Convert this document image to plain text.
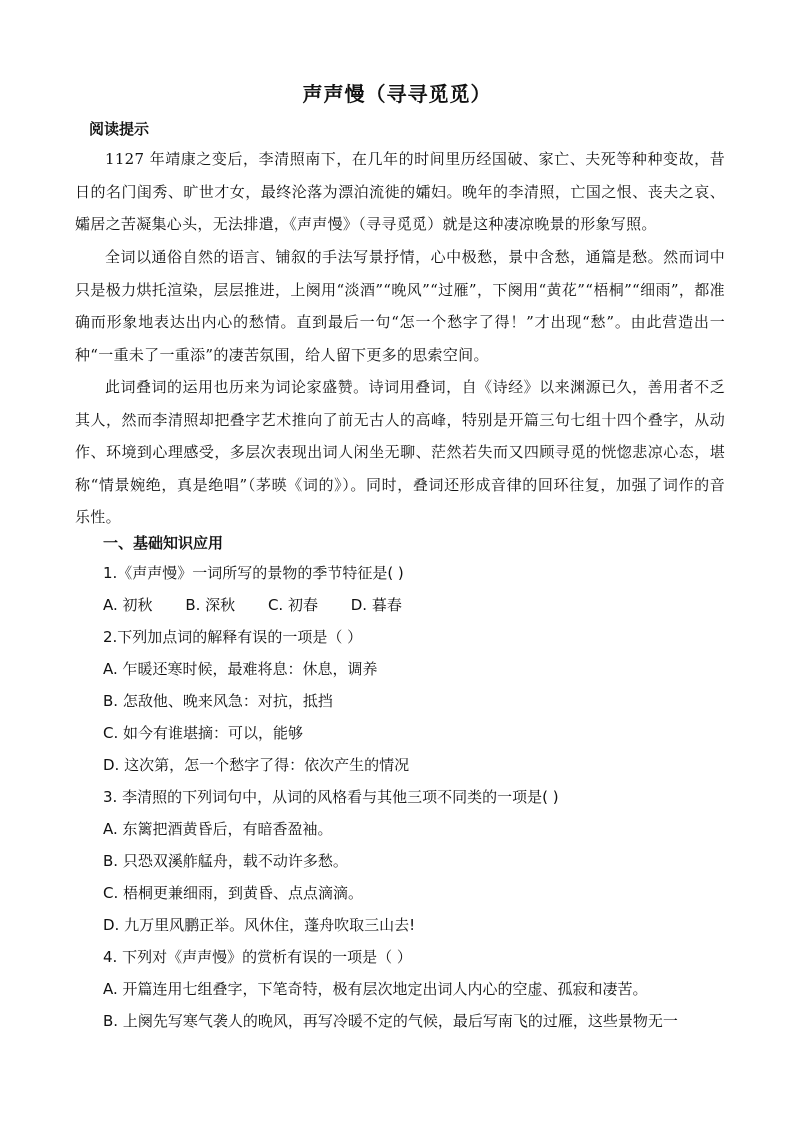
声声慢（寻寻觅觅）
阅读提示
1127 年靖康之变后，李清照南下，在几年的时间里历经国破、家亡、夫死等种种变故，昔日的名门闺秀、旷世才女，最终沦落为漂泊流徙的孀妇。晚年的李清照，亡国之恨、丧夫之哀、孀居之苦凝集心头，无法排遣，《声声慢》（寻寻觅觅）就是这种凄凉晚景的形象写照。
全词以通俗自然的语言、铺叙的手法写景抒情，心中极愁，景中含愁，通篇是愁。然而词中只是极力烘托渲染，层层推进，上阕用“淡酒”“晚风”“过雁”，下阕用“黄花”“梧桐”“细雨”，都准确而形象地表达出内心的愁情。直到最后一句“怎一个愁字了得！”才出现“愁”。由此营造出一种“一重未了一重添”的凄苦氛围，给人留下更多的思索空间。
此词叠词的运用也历来为词论家盛赞。诗词用叠词，自《诗经》以来渊源已久，善用者不乏其人，然而李清照却把叠字艺术推向了前无古人的高峰，特别是开篇三句七组十四个叠字，从动作、环境到心理感受，多层次表现出词人闲坐无聊、茫然若失而又四顾寻觅的恍惚悲凉心态，堪称“情景婉绝，真是绝唱”（茅暎《词的》）。同时，叠词还形成音律的回环往复，加强了词作的音乐性。
一、基础知识应用
1.《声声慢》一词所写的景物的季节特征是( )
A. 初秋 B. 深秋 C. 初春 D. 暮春
2.下列加点词的解释有误的一项是（ ）
A. 乍暖还寒时候，最难将息：休息，调养
B. 怎敌他、晚来风急：对抗，抵挡
C. 如今有谁堪摘：可以，能够
D. 这次第，怎一个愁字了得：依次产生的情况
3. 李清照的下列词句中，从词的风格看与其他三项不同类的一项是( )
A. 东篱把酒黄昏后，有暗香盈袖。
B. 只恐双溪舴艋舟，载不动许多愁。
C. 梧桐更兼细雨，到黄昏、点点滴滴。
D. 九万里风鹏正举。风休住，蓬舟吹取三山去!
4. 下列对《声声慢》的赏析有误的一项是（ ）
A. 开篇连用七组叠字，下笔奇特，极有层次地定出词人内心的空虚、孤寂和凄苦。
B. 上阕先写寒气袭人的晚风，再写冷暖不定的气候，最后写南飞的过雁，这些景物无一
